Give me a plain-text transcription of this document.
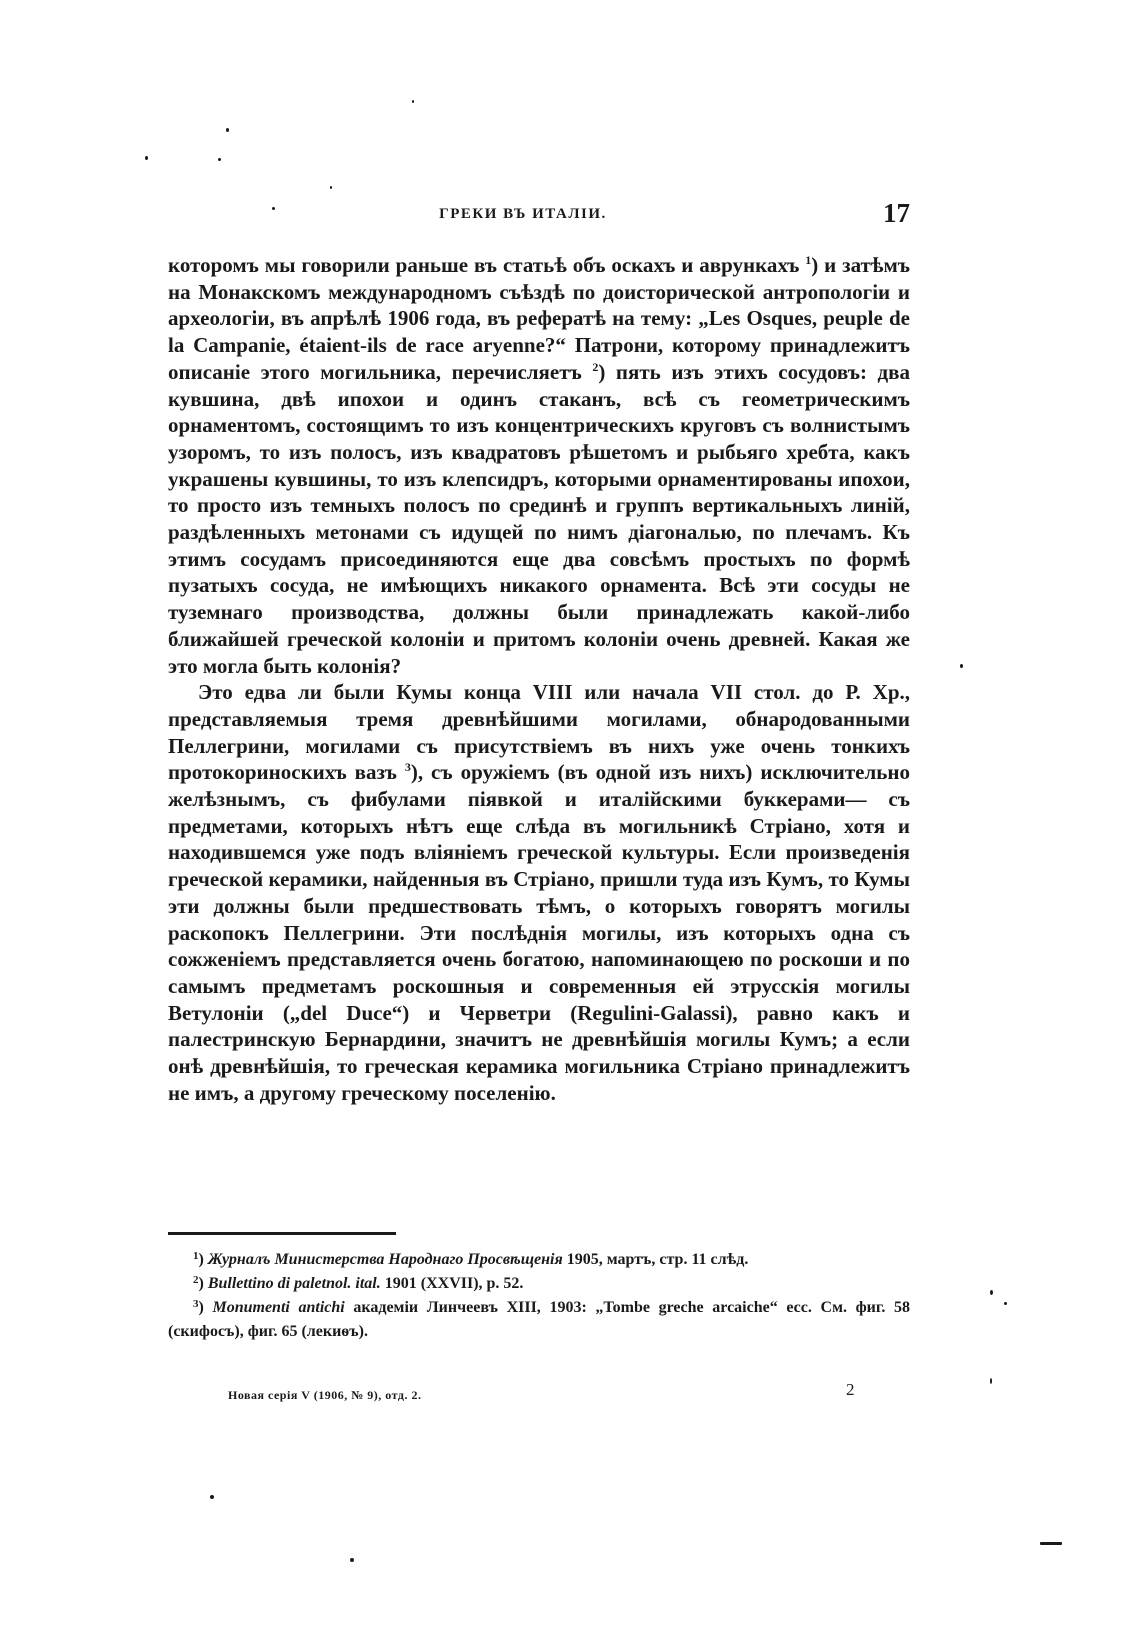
ГРЕКИ ВЪ ИТАЛІИ.	17

которомъ мы говорили раньше въ статьѣ объ оскахъ и аврункахъ $^1$) и затѣмъ на Монакскомъ международномъ съѣздѣ по доисторической антропологіи и археологіи, въ апрѣлѣ 1906 года, въ рефератѣ на тему: „Les Osques, peuple de la Campanie, étaient-ils de race aryenne?“ Патрони, которому принадлежитъ описаніе этого могильника, перечисляетъ $^2$) пять изъ этихъ сосудовъ: два кувшина, двѣ ипохои и одинъ стаканъ, всѣ съ геометрическимъ орнаментомъ, состоящимъ то изъ концентрическихъ круговъ съ волнистымъ узоромъ, то изъ полосъ, изъ квадратовъ рѣшетомъ и рыбьяго хребта, какъ украшены кувшины, то изъ клепсидръ, которыми орнаментированы ипохои, то просто изъ темныхъ полосъ по срединѣ и группъ вертикальныхъ линій, раздѣленныхъ метонами съ идущей по нимъ діагональю, по плечамъ. Къ этимъ сосудамъ присоединяются еще два совсѣмъ простыхъ по формѣ пузатыхъ сосуда, не имѣющихъ никакого орнамента. Всѣ эти сосуды не туземнаго производства, должны были принадлежать какой-либо ближайшей греческой колоніи и притомъ колоніи очень древней. Какая же это могла быть колонія?

Это едва ли были Кумы конца VIII или начала VII стол. до Р. Хр., представляемыя тремя древнѣйшими могилами, обнародованными Пеллегрини, могилами съ присутствіемъ въ нихъ уже очень тонкихъ протокориноскихъ вазъ $^3$), съ оружіемъ (въ одной изъ нихъ) исключительно желѣзнымъ, съ фибулами піявкой и италійскими буккерами— съ предметами, которыхъ нѣтъ еще слѣда въ могильникѣ Стріано, хотя и находившемся уже подъ вліяніемъ греческой культуры. Если произведенія греческой керамики, найденныя въ Стріано, пришли туда изъ Кумъ, то Кумы эти должны были предшествовать тѣмъ, о которыхъ говорятъ могилы раскопокъ Пеллегрини. Эти послѣднія могилы, изъ которыхъ одна съ сожженіемъ представляется очень богатою, напоминающею по роскоши и по самымъ предметамъ роскошныя и современныя ей этрусскія могилы Ветулоніи („del Duce“) и Черветри (Regulini-Galassi), равно какъ и палестринскую Бернардини, значитъ не древнѣйшія могилы Кумъ; а если онѣ древнѣйшія, то греческая керамика могильника Стріано принадлежитъ не имъ, а другому греческому поселенію.

$^1$) Журналъ Министерства Народнаго Просвѣщенія 1905, мартъ, стр. 11 слѣд.

$^2$) Bullettino di paletnol. ital. 1901 (XXVII), p. 52.

$^3$) Monumenti antichi академіи Линчеевъ XIII, 1903: „Tombe greche arcaiche“ есс. См. фиг. 58 (скифосъ), фиг. 65 (лекиѳъ).

Новая серія V (1906, № 9), отд. 2.	2
